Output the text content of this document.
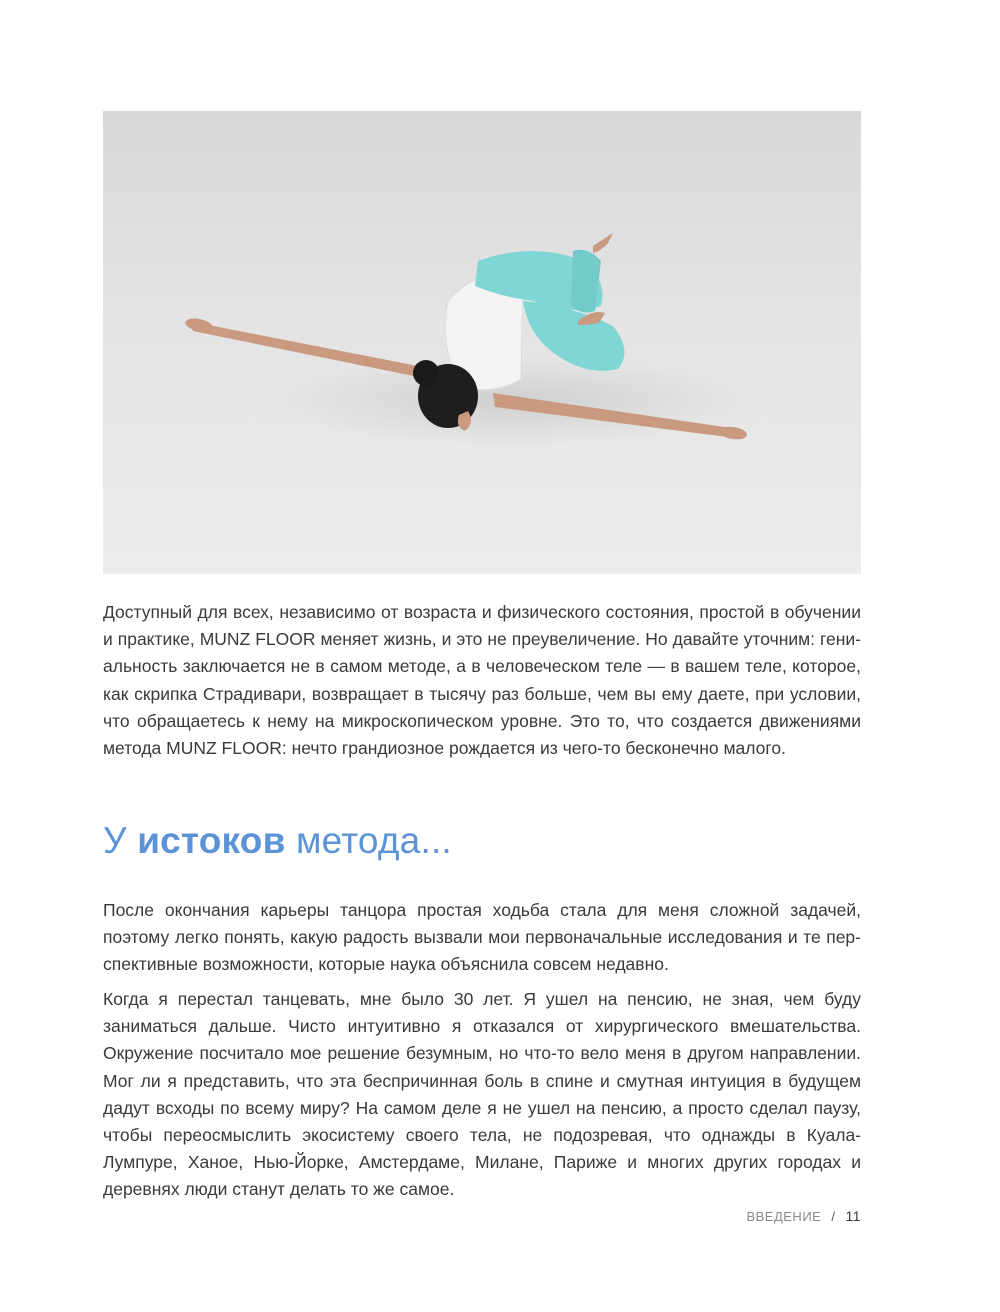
Доступный для всех, независимо от возраста и физического состояния, простой в обучении и практике, MUNZ FLOOR меняет жизнь, и это не преувеличение. Но давайте уточним: гениальность заключается не в самом методе, а в человеческом теле — в вашем теле, которое, как скрипка Страдивари, возвращает в тысячу раз больше, чем вы ему даете, при условии, что обращаетесь к нему на микроскопическом уровне. Это то, что создается движениями метода MUNZ FLOOR: нечто грандиозное рождается из чего-то бесконечно малого.

У истоков метода...

После окончания карьеры танцора простая ходьба стала для меня сложной задачей, поэтому легко понять, какую радость вызвали мои первоначальные исследования и те перспективные возможности, которые наука объяснила совсем недавно.

Когда я перестал танцевать, мне было 30 лет. Я ушел на пенсию, не зная, чем буду заниматься дальше. Чисто интуитивно я отказался от хирургического вмешательства. Окружение посчитало мое решение безумным, но что-то вело меня в другом направлении. Мог ли я представить, что эта беспричинная боль в спине и смутная интуиция в будущем дадут всходы по всему миру? На самом деле я не ушел на пенсию, а просто сделал паузу, чтобы переосмыслить экосистему своего тела, не подозревая, что однажды в Куала-Лумпуре, Ханое, Нью-Йорке, Амстердаме, Милане, Париже и многих других городах и деревнях люди станут делать то же самое.

ВВЕДЕНИЕ / 11
